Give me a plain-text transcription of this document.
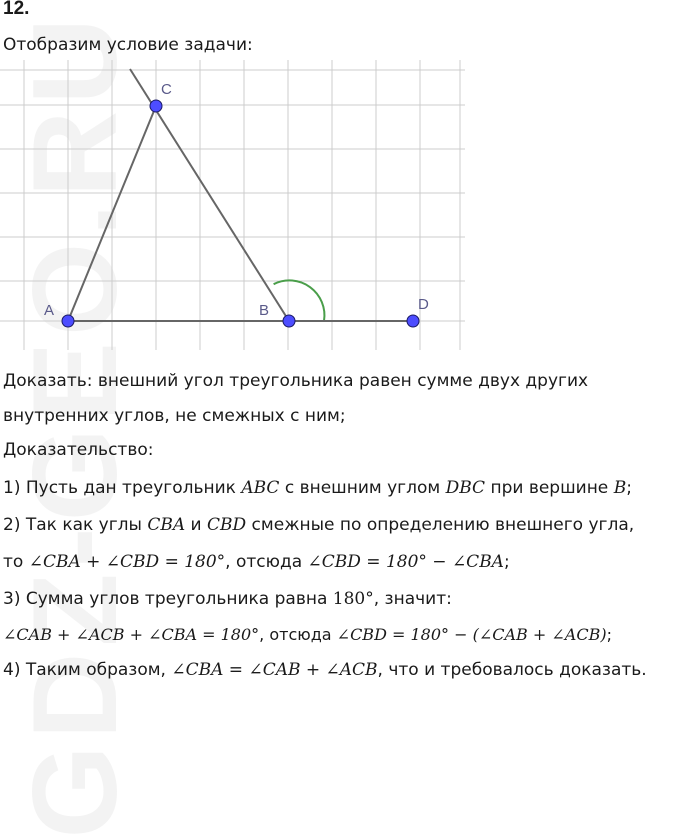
12.
Отобразим условие задачи:
A
C
B	D
Доказать: внешний угол треугольника равен сумме двух других
внутренних углов, не смежных с ним;
Доказательство:
1) Пусть дан треугольник ABC с внешним углом DBC при вершине B;
2) Так как углы CBA и CBD смежные по определению внешнего угла,
то ∠CBA + ∠CBD = 180°, отсюда ∠CBD = 180° − ∠CBA;
3) Сумма углов треугольника равна 180°, значит:
∠CAB + ∠ACB + ∠CBA = 180°, отсюда ∠CBD = 180° − (∠CAB + ∠ACB);
4) Таким образом, ∠CBA = ∠CAB + ∠ACB, что и требовалось доказать.
